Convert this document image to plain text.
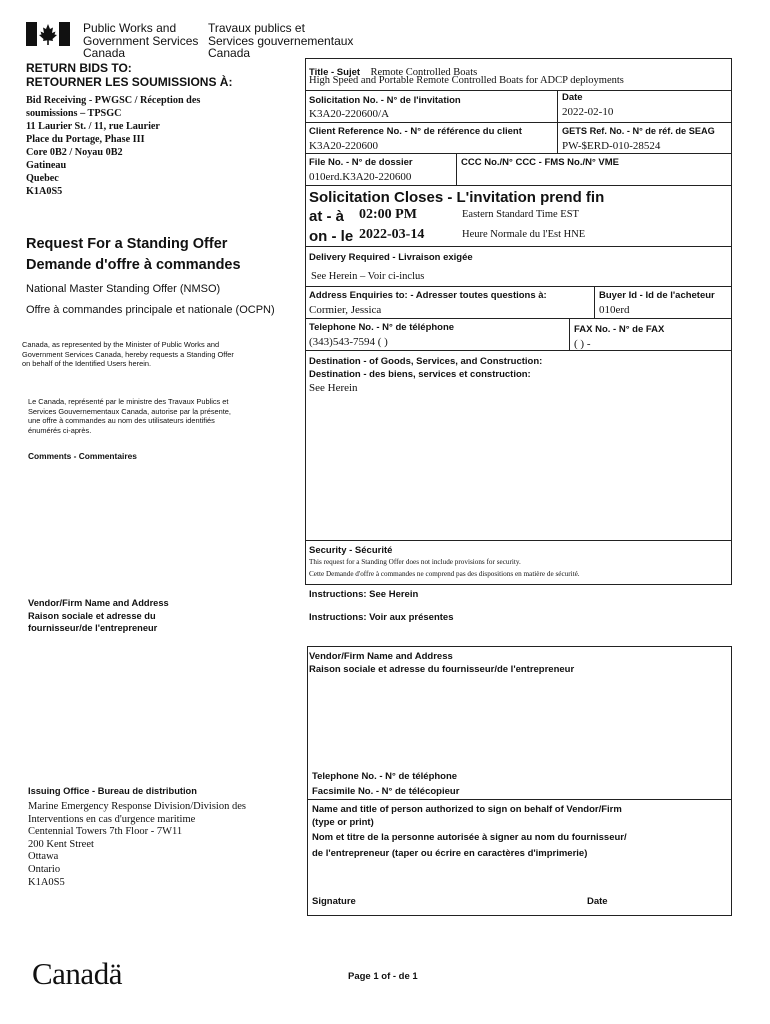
Public Works and
Government Services
Canada
Travaux publics et
Services gouvernementaux
Canada
RETURN BIDS TO:
RETOURNER LES SOUMISSIONS À:
Bid Receiving - PWGSC / Réception des
soumissions – TPSGC
11 Laurier St. / 11, rue Laurier
Place du Portage, Phase III
Core 0B2 / Noyau 0B2
Gatineau
Quebec
K1A0S5
Request For a Standing Offer
Demande d'offre à commandes
National Master Standing Offer (NMSO)
Offre à commandes principale et nationale (OCPN)
Canada, as represented by the Minister of Public Works and
Government Services Canada, hereby requests a Standing Offer
on behalf of the Identified Users herein.
Le Canada, représenté par le ministre des Travaux Publics et
Services Gouvernementaux Canada, autorise par la présente,
une offre à commandes au nom des utilisateurs identifiés
énumérés ci-après.
Comments - Commentaires
Vendor/Firm Name and Address
Raison sociale et adresse du
fournisseur/de l'entrepreneur
Issuing Office - Bureau de distribution
Marine Emergency Response Division/Division des
Interventions en cas d'urgence maritime
Centennial Towers 7th Floor - 7W11
200 Kent Street
Ottawa
Ontario
K1A0S5
Title - Sujet Remote Controlled Boats
High Speed and Portable Remote Controlled Boats for ADCP deployments
Solicitation No. - N° de l'invitation
K3A20-220600/A
Date
2022-02-10
Client Reference No. - N° de référence du client
K3A20-220600
GETS Ref. No. - N° de réf. de SEAG
PW-$ERD-010-28524
File No. - N° de dossier
010erd.K3A20-220600
CCC No./N° CCC - FMS No./N° VME
Solicitation Closes - L'invitation prend fin
at - à 02:00 PM	Eastern Standard Time EST
on - le 2022-03-14	Heure Normale du l'Est HNE
Delivery Required - Livraison exigée
See Herein – Voir ci-inclus
Address Enquiries to: - Adresser toutes questions à:
Cormier, Jessica
Buyer Id - Id de l'acheteur
010erd
Telephone No. - N° de téléphone
(343)543-7594 ( )
FAX No. - N° de FAX
( ) -
Destination - of Goods, Services, and Construction:
Destination - des biens, services et construction:
See Herein
Security - Sécurité
This request for a Standing Offer does not include provisions for security.
Cette Demande d'offre à commandes ne comprend pas des dispositions en matière de sécurité.
Instructions: See Herein
Instructions: Voir aux présentes
Vendor/Firm Name and Address
Raison sociale et adresse du fournisseur/de l'entrepreneur
Telephone No. - N° de téléphone
Facsimile No. - N° de télécopieur
Name and title of person authorized to sign on behalf of Vendor/Firm
(type or print)
Nom et titre de la personne autorisée à signer au nom du fournisseur/
de l'entrepreneur (taper ou écrire en caractères d'imprimerie)
Signature	Date
Canadä	Page 1 of - de 1
